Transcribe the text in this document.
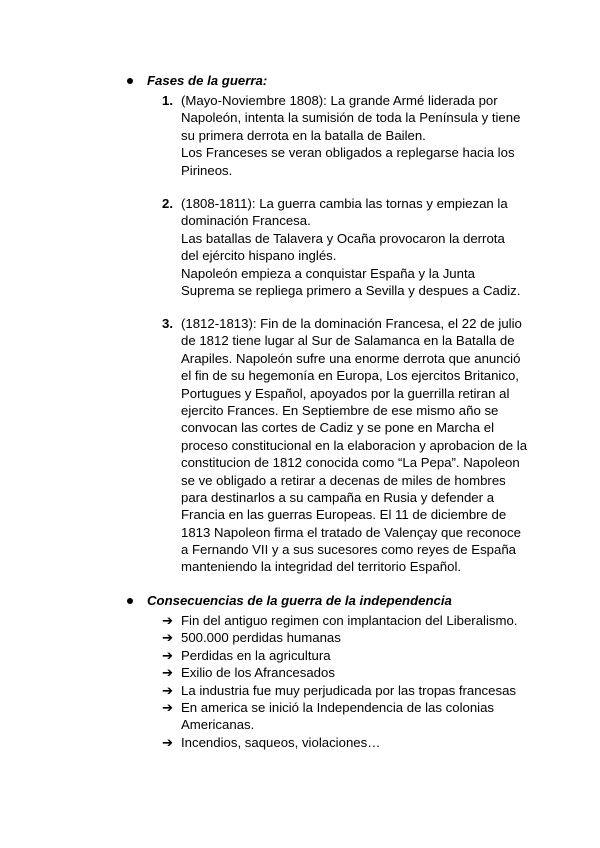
Fases de la guerra:
1. (Mayo-Noviembre 1808): La grande Armé liderada por
Napoleón, intenta la sumisión de toda la Península y tiene
su primera derrota en la batalla de Bailen.
Los Franceses se veran obligados a replegarse hacia los
Pirineos.
2. (1808-1811): La guerra cambia las tornas y empiezan la
dominación Francesa.
Las batallas de Talavera y Ocaña provocaron la derrota
del ejército hispano inglés.
Napoleón empieza a conquistar España y la Junta
Suprema se repliega primero a Sevilla y despues a Cadiz.
3. (1812-1813): Fin de la dominación Francesa, el 22 de julio
de 1812 tiene lugar al Sur de Salamanca en la Batalla de
Arapiles. Napoleón sufre una enorme derrota que anunció
el fin de su hegemonía en Europa, Los ejercitos Britanico,
Portugues y Español, apoyados por la guerrilla retiran al
ejercito Frances. En Septiembre de ese mismo año se
convocan las cortes de Cadiz y se pone en Marcha el
proceso constitucional en la elaboracion y aprobacion de la
constitucion de 1812 conocida como “La Pepa”. Napoleon
se ve obligado a retirar a decenas de miles de hombres
para destinarlos a su campaña en Rusia y defender a
Francia en las guerras Europeas. El 11 de diciembre de
1813 Napoleon firma el tratado de Valençay que reconoce
a Fernando VII y a sus sucesores como reyes de España
manteniendo la integridad del territorio Español.
Consecuencias de la guerra de la independencia
➔ Fin del antiguo regimen con implantacion del Liberalismo.
➔ 500.000 perdidas humanas
➔ Perdidas en la agricultura
➔ Exilio de los Afrancesados
➔ La industria fue muy perjudicada por las tropas francesas
➔ En america se inició la Independencia de las colonias
Americanas.
➔ Incendios, saqueos, violaciones…
